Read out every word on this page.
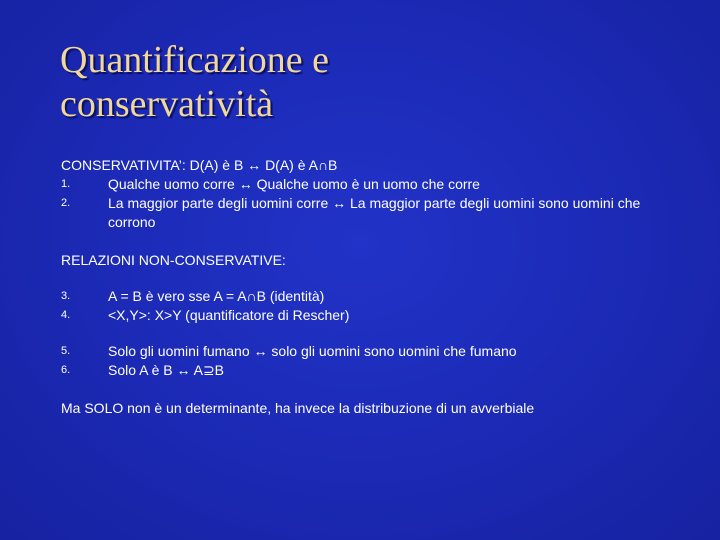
Quantificazione e
conservatività

CONSERVATIVITA’: D(A) è B ↔ D(A) è A∩B

1.	Qualche uomo corre ↔ Qualche uomo è un uomo che corre
2.	La maggior parte degli uomini corre ↔ La maggior parte degli uomini sono uomini che corrono

RELAZIONI NON-CONSERVATIVE:

3.	A = B è vero sse A = A∩B (identità)
4.	<X,Y>: X>Y (quantificatore di Rescher)
5.	Solo gli uomini fumano ↔ solo gli uomini sono uomini che fumano
6.	Solo A è B ↔ A⊇B

Ma SOLO non è un determinante, ha invece la distribuzione di un avverbiale
